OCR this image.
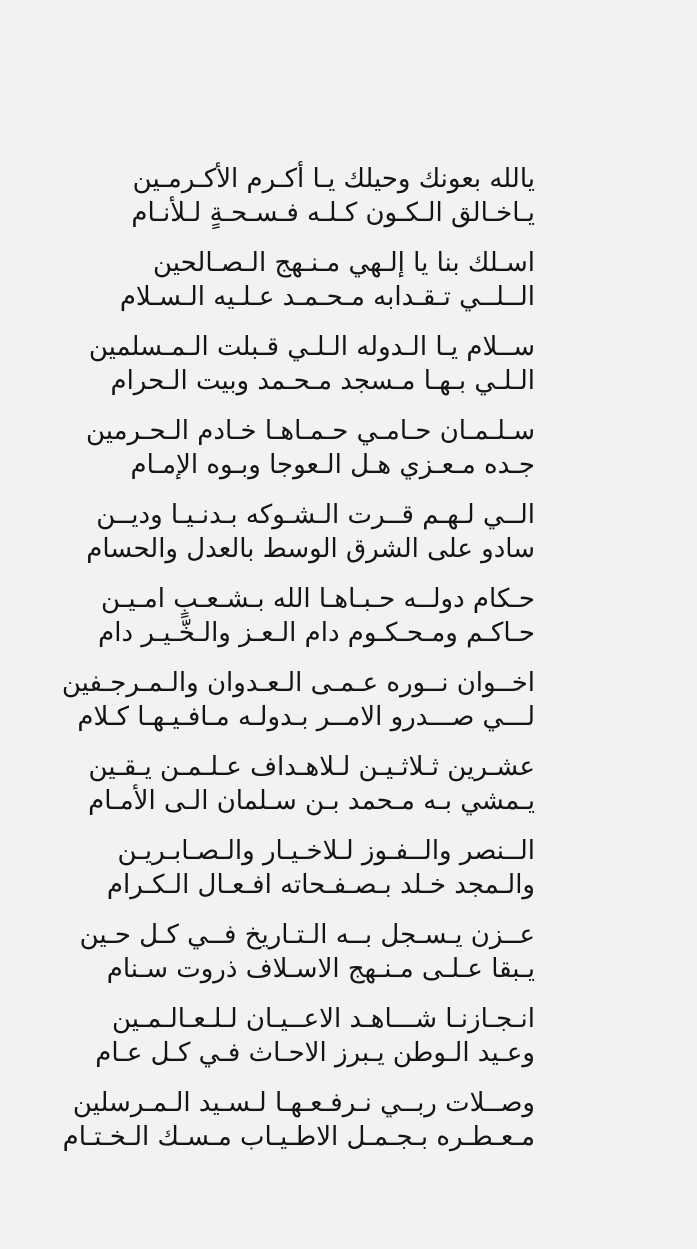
يالله بعونك وحيلك يـا أكـرم الأكـرمـين
يـاخـالق الـكـون كـلـه فـسـحـةٍ لـلأنـام
اسـلك بنا يا إلـهي مـنـهج الـصـالحين
الــلــي تـقـدابه مـحـمـد عـلـيه الـسـلام
ســلام يـا الـدوله الـلـي قـبلت الـمـسلمين
الـلـي بـهـا مـسجد مـحـمد وبيت الـحرام
سـلـمـان حـامـي حـمـاهـا خـادم الـحـرمين
جـده مـعـزي هـل الـعوجا وبـوه الإمـام
الــي لـهـم قــرت الـشـوكه بـدنـيـا وديــن
سادو على الشرق الوسط بالعدل والحسام
حـكام دولــه حـبـاهـا الله بـشـعـبٍ امـيـن
حـاكـم ومـحـكـوم دام الـعـز والـخّـيـر دام
اخــوان نــوره عـمـى الـعـدوان والـمـرجـفين
لـــي صـــدرو الامــر بـدولـه مـافـيـهـا كـلام
عشـرين ثـلاثـيـن لـلاهـداف عـلـمـن يـقـين
يـمشي بـه مـحمد بـن سـلمان الـى الأمـام
الــنصر والــفـوز لـلاخـيـار والـصـابـريـن
والـمجد خـلد بـصـفـحاته افـعـال الـكـرام
عــزن يـسـجل بــه الـتـاريخ فــي كـل حـين
يـبقا عـلـى مـنـهج الاسـلاف ذروت سـنام
انـجـازنـا شـــاهـد الاعــيـان لـلـعـالـمـين
وعـيد الـوطن يـبرز الاحـاث فـي كـل عـام
وصــلات ربــي نـرفـعـهـا لـسـيد الـمـرسلين
مـعـطـره بـجـمـل الاطـيـاب مـسـك الـخـتـام
